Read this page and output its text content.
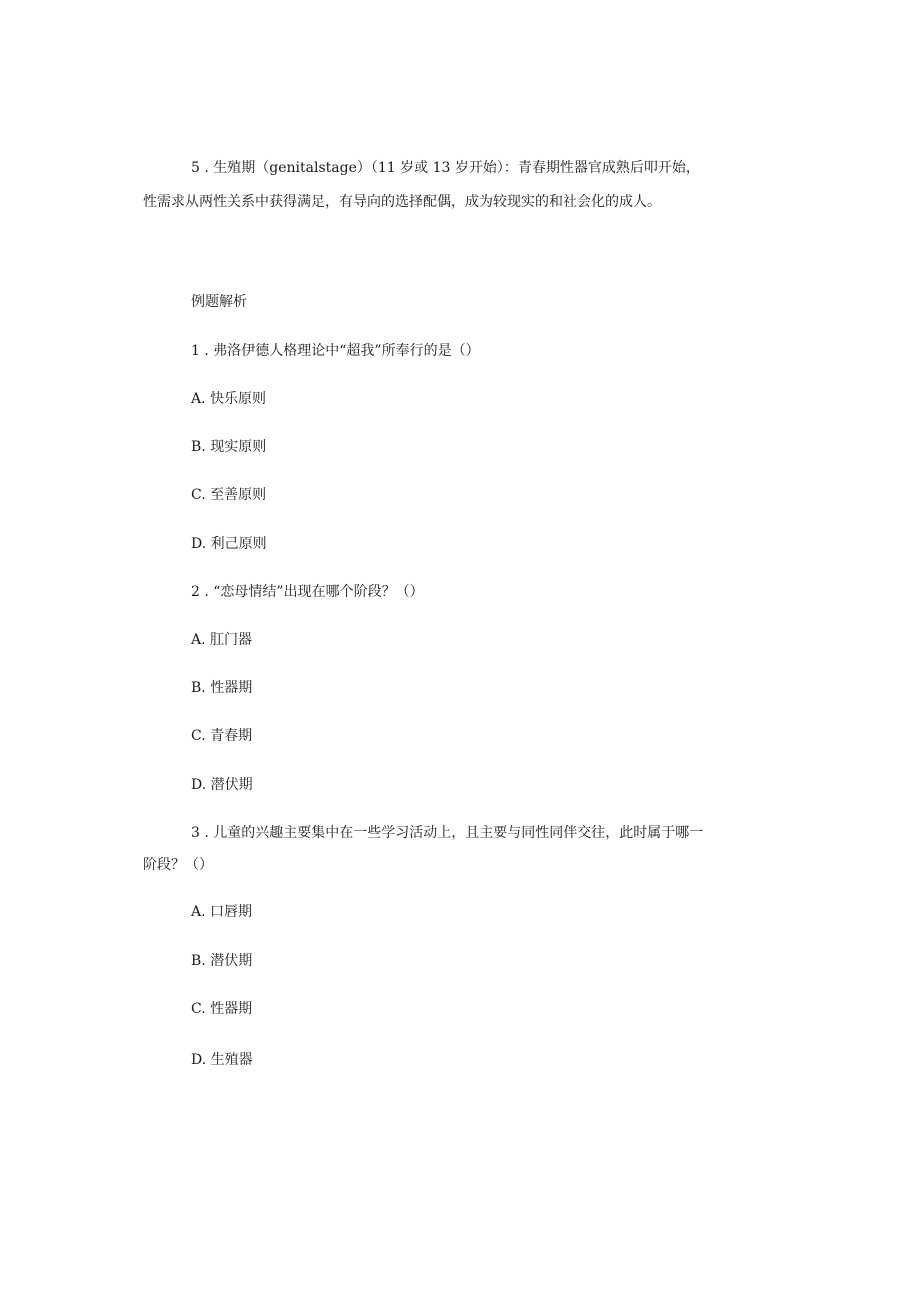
5 . 生殖期（genitalstage）（11 岁或 13 岁开始）：青春期性器官成熟后叩开始，
性需求从两性关系中获得满足，有导向的选择配偶，成为较现实的和社会化的成人。
例题解析
1 . 弗洛伊德人格理论中“超我”所奉行的是（）
A. 快乐原则
B. 现实原则
C. 至善原则
D. 利己原则
2 . “恋母情结”出现在哪个阶段？（）
A. 肛门器
B. 性器期
C. 青春期
D. 潜伏期
3 . 儿童的兴趣主要集中在一些学习活动上，且主要与同性同伴交往，此时属于哪一
阶段？（）
A. 口唇期
B. 潜伏期
C. 性器期
D. 生殖器
